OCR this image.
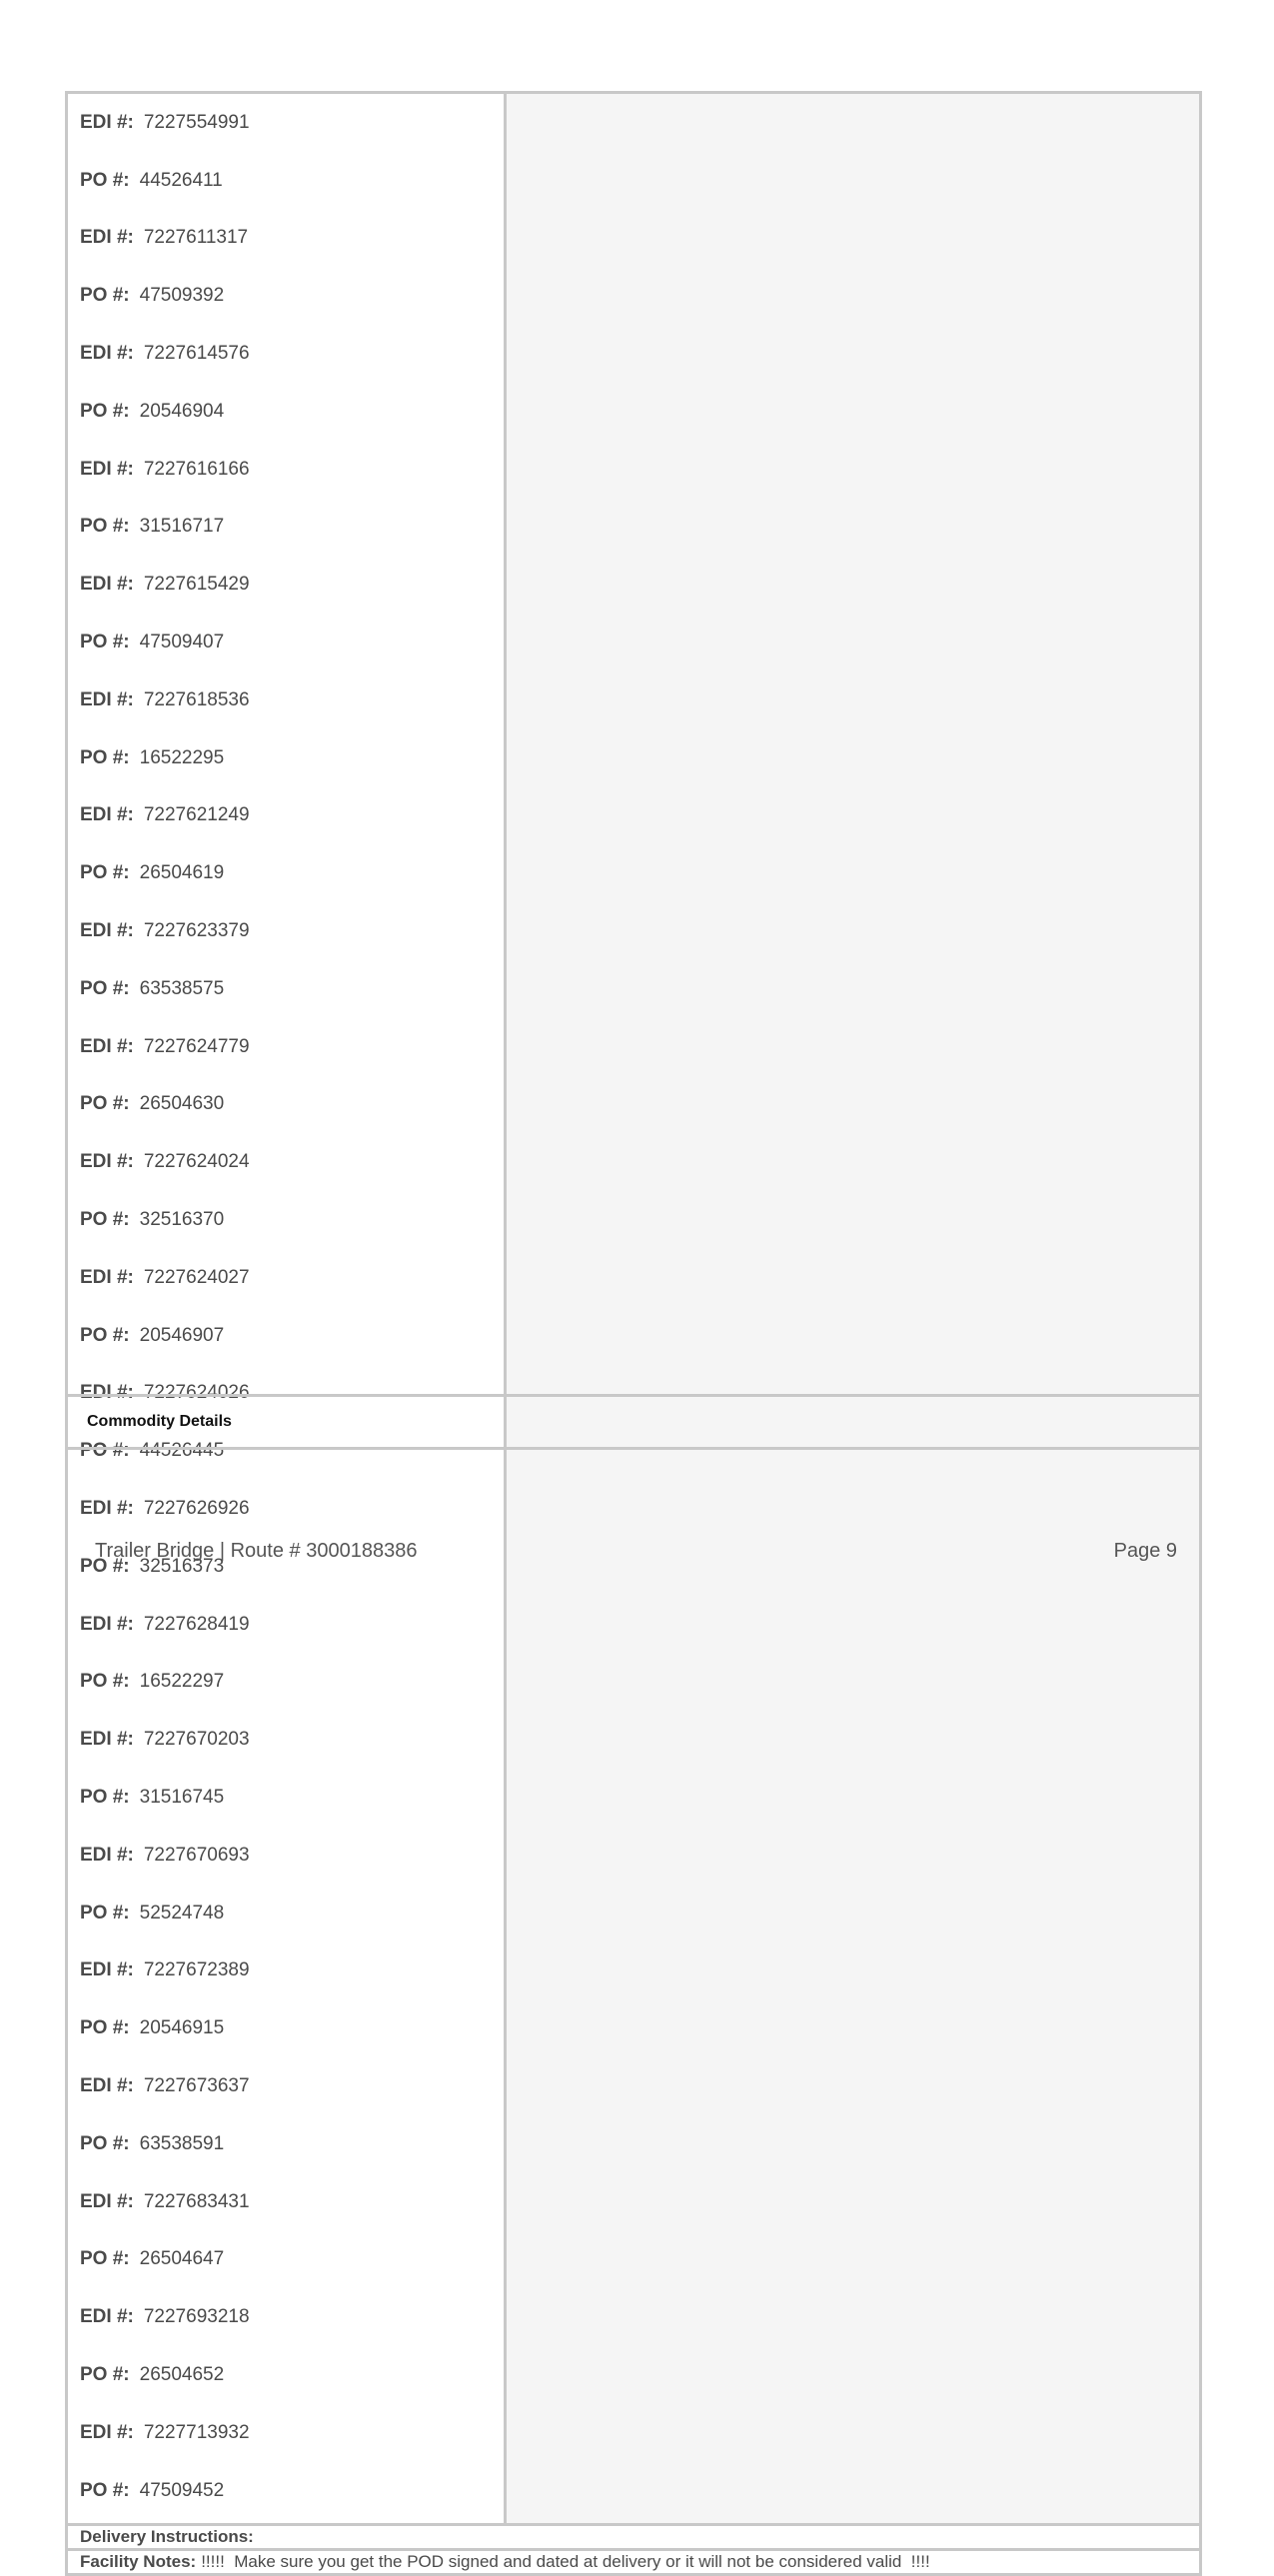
EDI #: 7227554991
PO #: 44526411
EDI #: 7227611317
PO #: 47509392
EDI #: 7227614576
PO #: 20546904
EDI #: 7227616166
PO #: 31516717
EDI #: 7227615429
PO #: 47509407
EDI #: 7227618536
PO #: 16522295
EDI #: 7227621249
PO #: 26504619
EDI #: 7227623379
PO #: 63538575
EDI #: 7227624779
PO #: 26504630
EDI #: 7227624024
PO #: 32516370
EDI #: 7227624027
PO #: 20546907
EDI #: 7227624026
PO #: 44526445
EDI #: 7227626926
PO #: 32516373
EDI #: 7227628419
PO #: 16522297
EDI #: 7227670203
PO #: 31516745
EDI #: 7227670693
PO #: 52524748
EDI #: 7227672389
PO #: 20546915
EDI #: 7227673637
PO #: 63538591
EDI #: 7227683431
PO #: 26504647
EDI #: 7227693218
PO #: 26504652
EDI #: 7227713932
PO #: 47509452
Delivery Instructions:
Facility Notes: !!!!!  Make sure you get the POD signed and dated at delivery or it will not be considered valid  !!!!
Commodity Details
Trailer Bridge | Route # 3000188386	Page 9
